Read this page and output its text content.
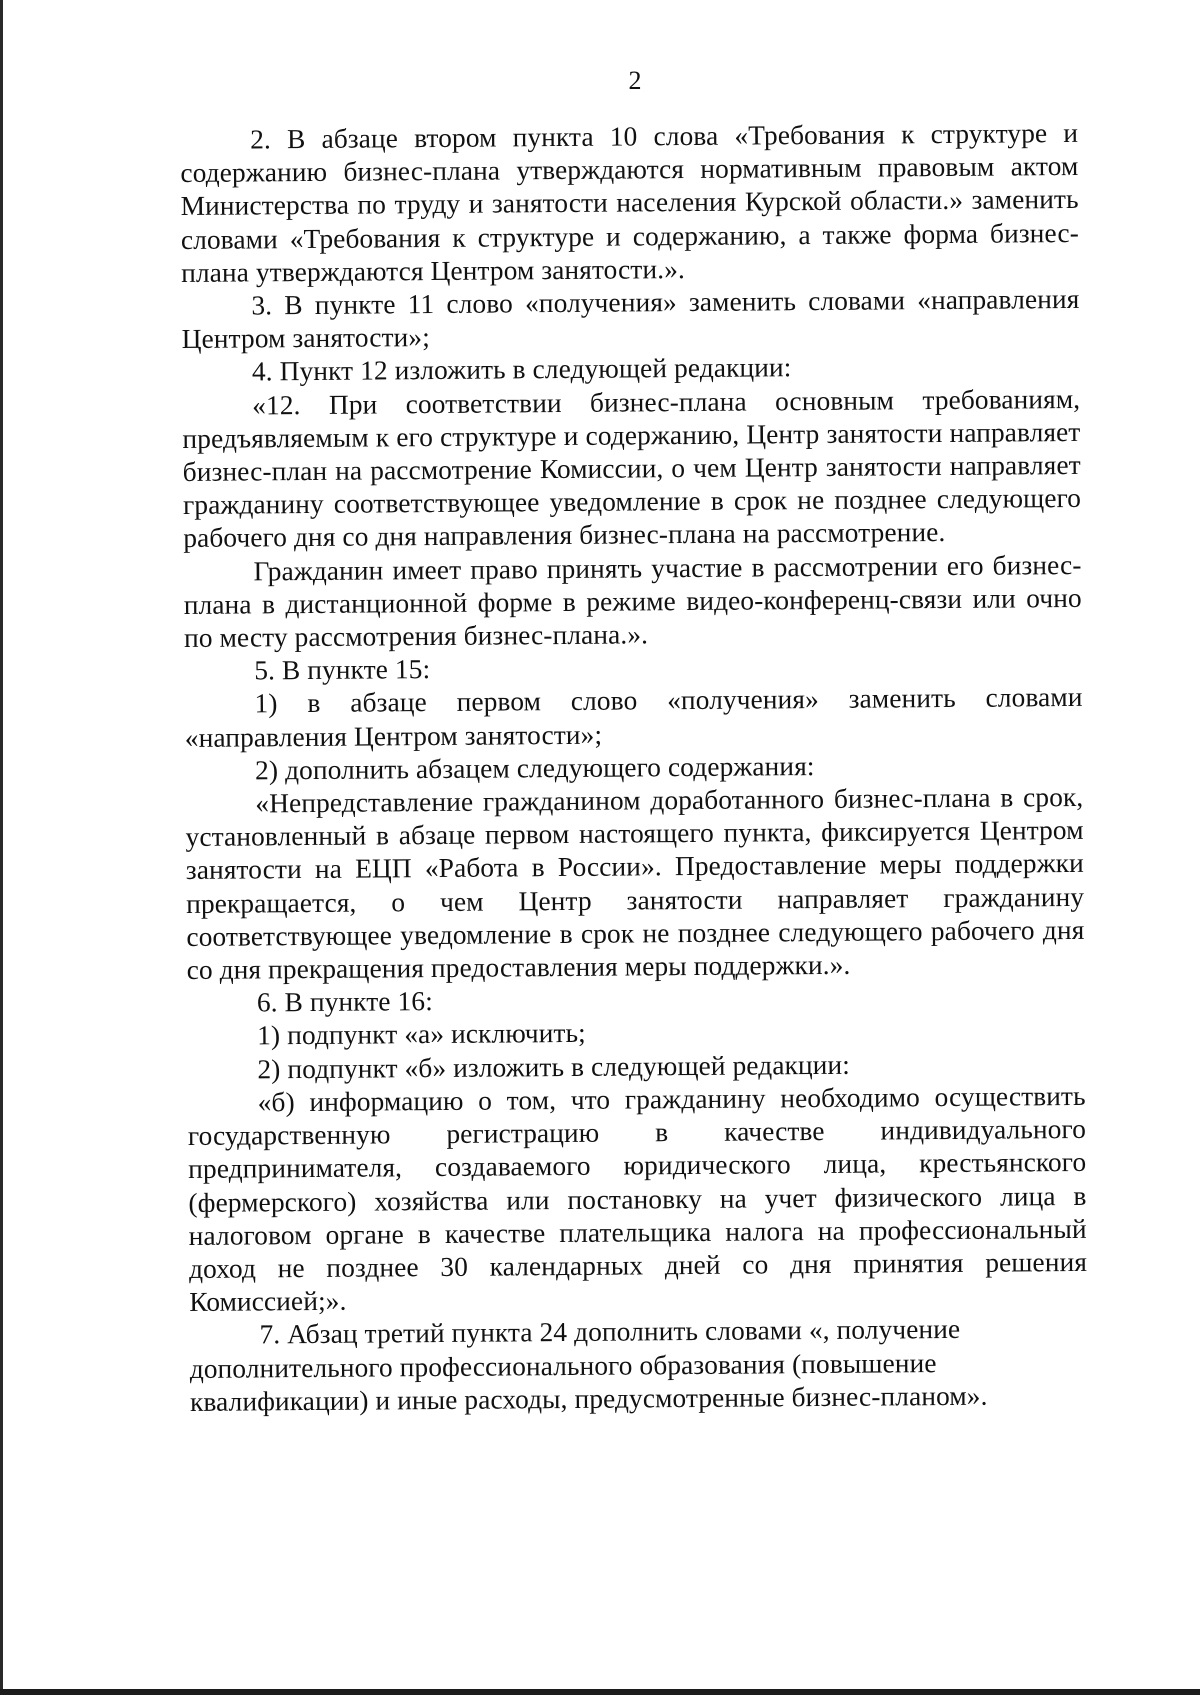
2

2. В абзаце втором пункта 10 слова «Требования к структуре и содержанию бизнес-плана утверждаются нормативным правовым актом Министерства по труду и занятости населения Курской области.» заменить словами «Требования к структуре и содержанию, а также форма бизнес-плана утверждаются Центром занятости.».

3. В пункте 11 слово «получения» заменить словами «направления Центром занятости»;

4. Пункт 12 изложить в следующей редакции:

«12. При соответствии бизнес-плана основным требованиям, предъявляемым к его структуре и содержанию, Центр занятости направляет бизнес-план на рассмотрение Комиссии, о чем Центр занятости направляет гражданину соответствующее уведомление в срок не позднее следующего рабочего дня со дня направления бизнес-плана на рассмотрение.

Гражданин имеет право принять участие в рассмотрении его бизнес-плана в дистанционной форме в режиме видео-конференц-связи или очно по месту рассмотрения бизнес-плана.».

5. В пункте 15:

1) в абзаце первом слово «получения» заменить словами «направления Центром занятости»;

2) дополнить абзацем следующего содержания:

«Непредставление гражданином доработанного бизнес-плана в срок, установленный в абзаце первом настоящего пункта, фиксируется Центром занятости на ЕЦП «Работа в России». Предоставление меры поддержки прекращается, о чем Центр занятости направляет гражданину соответствующее уведомление в срок не позднее следующего рабочего дня со дня прекращения предоставления меры поддержки.».

6. В пункте 16:

1) подпункт «а» исключить;

2) подпункт «б» изложить в следующей редакции:

«б) информацию о том, что гражданину необходимо осуществить государственную регистрацию в качестве индивидуального предпринимателя, создаваемого юридического лица, крестьянского (фермерского) хозяйства или постановку на учет физического лица в налоговом органе в качестве плательщика налога на профессиональный доход не позднее 30 календарных дней со дня принятия решения Комиссией;».

7. Абзац третий пункта 24 дополнить словами «, получение дополнительного профессионального образования (повышение квалификации) и иные расходы, предусмотренные бизнес-планом».
